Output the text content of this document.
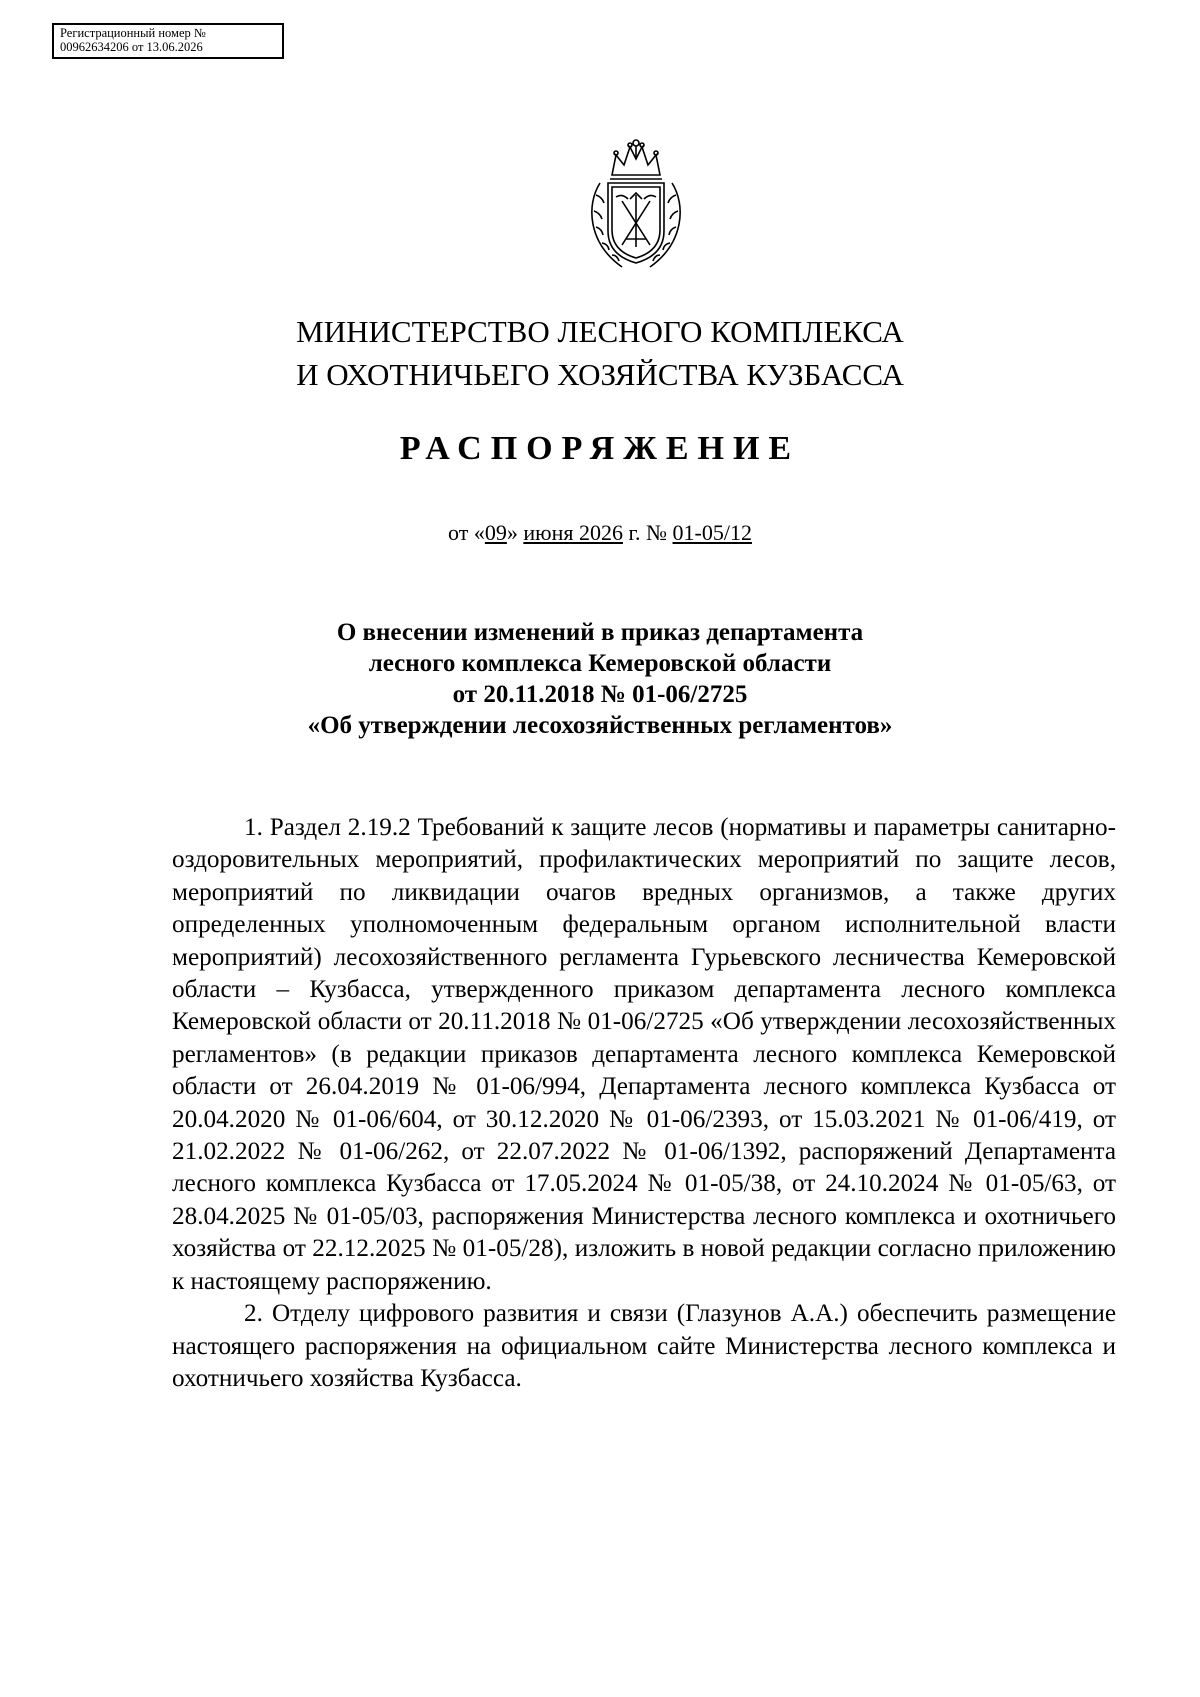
Регистрационный номер №
00962634206 от 13.06.2026
МИНИСТЕРСТВО ЛЕСНОГО КОМПЛЕКСА
И ОХОТНИЧЬЕГО ХОЗЯЙСТВА КУЗБАССА
РАСПОРЯЖЕНИЕ
от «09» июня 2026 г. № 01-05/12
О внесении изменений в приказ департамента
лесного комплекса Кемеровской области
от 20.11.2018 № 01-06/2725
«Об утверждении лесохозяйственных регламентов»

1. Раздел 2.19.2 Требований к защите лесов (нормативы и параметры санитарно-оздоровительных мероприятий, профилактических мероприятий по защите лесов, мероприятий по ликвидации очагов вредных организмов, а также других определенных уполномоченным федеральным органом исполнительной власти мероприятий) лесохозяйственного регламента Гурьевского лесничества Кемеровской области – Кузбасса, утвержденного приказом департамента лесного комплекса Кемеровской области от 20.11.2018 № 01-06/2725 «Об утверждении лесохозяйственных регламентов» (в редакции приказов департамента лесного комплекса Кемеровской области от 26.04.2019 № 01-06/994, Департамента лесного комплекса Кузбасса от 20.04.2020 № 01-06/604, от 30.12.2020 № 01-06/2393, от 15.03.2021 № 01-06/419, от 21.02.2022 № 01-06/262, от 22.07.2022 № 01-06/1392, распоряжений Департамента лесного комплекса Кузбасса от 17.05.2024 № 01-05/38, от 24.10.2024 № 01-05/63, от 28.04.2025 № 01-05/03, распоряжения Министерства лесного комплекса и охотничьего хозяйства от 22.12.2025 № 01-05/28), изложить в новой редакции согласно приложению к настоящему распоряжению.

2. Отделу цифрового развития и связи (Глазунов А.А.) обеспечить размещение настоящего распоряжения на официальном сайте Министерства лесного комплекса и охотничьего хозяйства Кузбасса.
